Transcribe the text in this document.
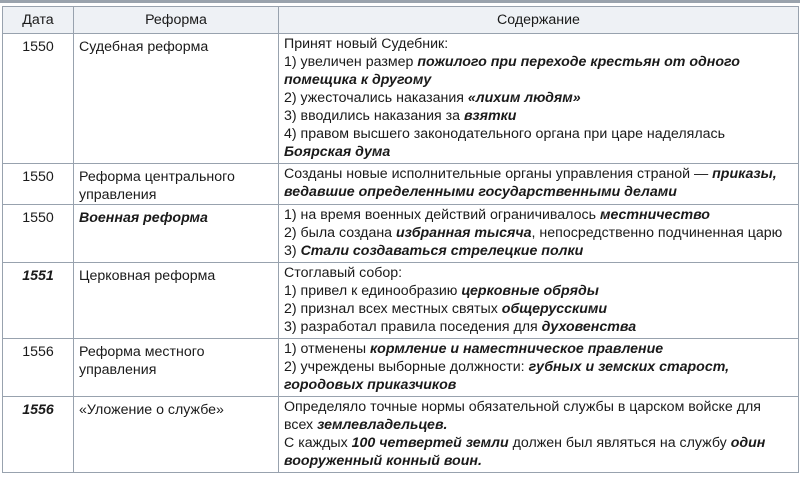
Дата	Реформа	Содержание
1550	Судебная реформа	Принят новый Судебник:
1) увеличен размер пожилого при переходе крестьян от одного помещика к другому
2) ужесточались наказания «лихим людям»
3) вводились наказания за взятки
4) правом высшего законодательного органа при царе наделялась Боярская дума

1550	Реформа центрального управления	Созданы новые исполнительные органы управления страной — приказы, ведавшие определенными государственными делами

1550	Военная реформа	1) на время военных действий ограничивалось местничество
2) была создана избранная тысяча, непосредственно подчиненная царю
3) Стали создаваться стрелецкие полки

1551	Церковная реформа	Стоглавый собор:
1) привел к единообразию церковные обряды
2) признал всех местных святых общерусскими
3) разработал правила поседения для духовенства

1556	Реформа местного управления	1) отменены кормление и наместническое правление
2) учреждены выборные должности: губных и земских старост, городовых приказчиков

1556	«Уложение о службе»	Определяло точные нормы обязательной службы в царском войске для всех землевладельцев.
С каждых 100 четвертей земли должен был являться на службу один вооруженный конный воин.
